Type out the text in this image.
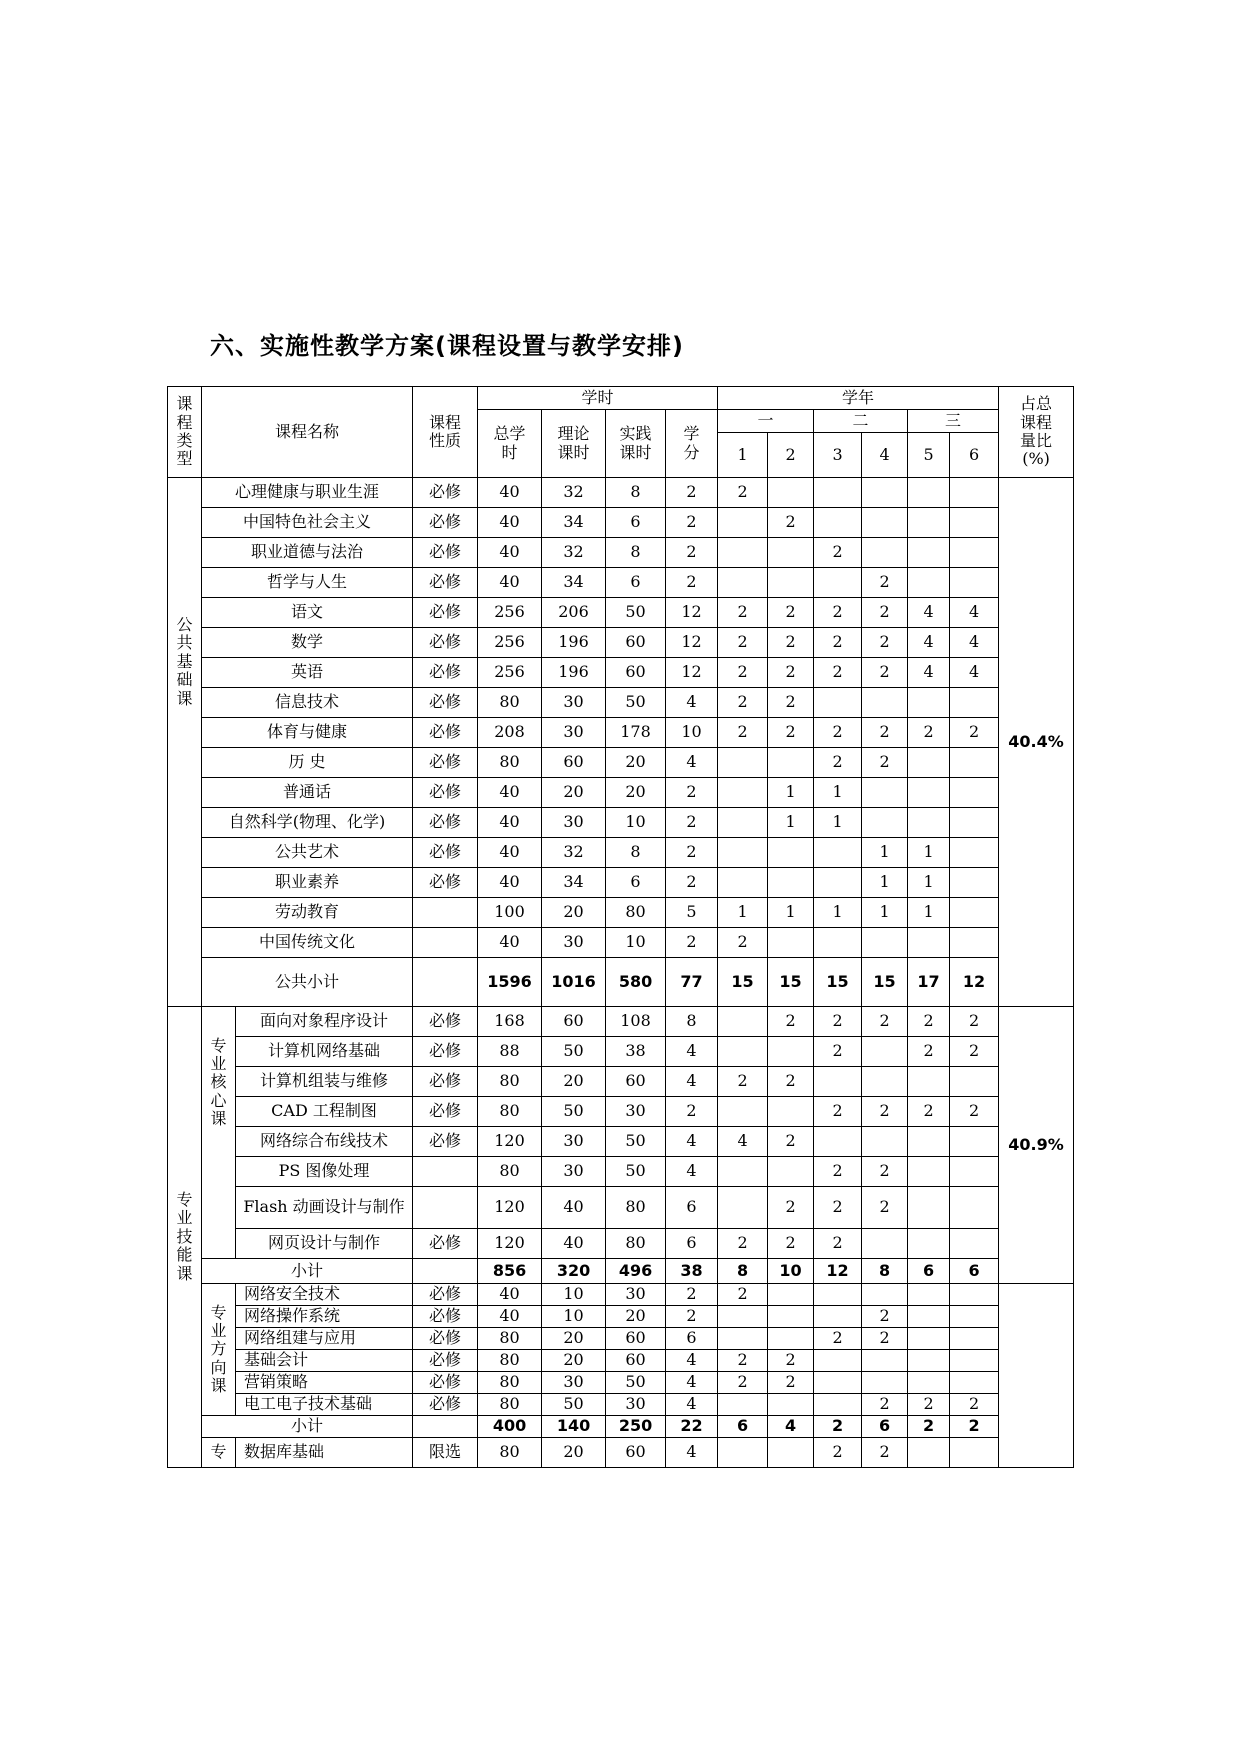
六、实施性教学方案(课程设置与教学安排)
课
程
类
型	课程名称		课程性质	学时				学年						占总课程量比(%)

				总学时	理论课时	实践课时	学分	一		二		三		
								1	2	3	4	5	6	

公
共
基
础
课	心理健康与职业生涯		必修	40	32	8	2	2						40.4%
	中国特色社会主义		必修	40	34	6	2		2					
	职业道德与法治		必修	40	32	8	2			2				
	哲学与人生		必修	40	34	6	2				2			
	语文		必修	256	206	50	12	2	2	2	2	4	4	
	数学		必修	256	196	60	12	2	2	2	2	4	4	
	英语		必修	256	196	60	12	2	2	2	2	4	4	
	信息技术		必修	80	30	50	4	2	2					
	体育与健康		必修	208	30	178	10	2	2	2	2	2	2	
	历 史		必修	80	60	20	4			2	2			
	普通话		必修	40	20	20	2		1	1				
	自然科学(物理、化学)		必修	40	30	10	2		1	1				
	公共艺术		必修	40	32	8	2				1	1		
	职业素养		必修	40	34	6	2				1	1		
	劳动教育			100	20	80	5	1	1	1	1	1		
	中国传统文化			40	30	10	2	2						
	公共小计			1596	1016	580	77	15	15	15	15	17	12	

专
业
技
能
课	专
业
核
心
课	面向对象程序设计	必修	168	60	108	8		2	2	2	2	2	40.9%
		计算机网络基础	必修	88	50	38	4			2		2	2	
		计算机组装与维修	必修	80	20	60	4	2	2					
		CAD 工程制图	必修	80	50	30	2			2	2	2	2	
		网络综合布线技术	必修	120	30	50	4	4	2					
		PS 图像处理		80	30	50	4			2	2			
		Flash 动画设计与制作		120	40	80	6		2	2	2			
		网页设计与制作	必修	120	40	80	6	2	2	2				
	小计			856	320	496	38	8	10	12	8	6	6	

	专
业
方
向
课	网络安全技术	必修	40	10	30	2	2						
		网络操作系统	必修	40	10	20	2				2			
		网络组建与应用	必修	80	20	60	6			2	2			
		基础会计	必修	80	20	60	4	2	2					
		营销策略	必修	80	30	50	4	2	2					
		电工电子技术基础	必修	80	50	30	4				2	2	2	
	小计			400	140	250	22	6	4	2	6	2	2	
	专	数据库基础	限选	80	20	60	4			2	2			
